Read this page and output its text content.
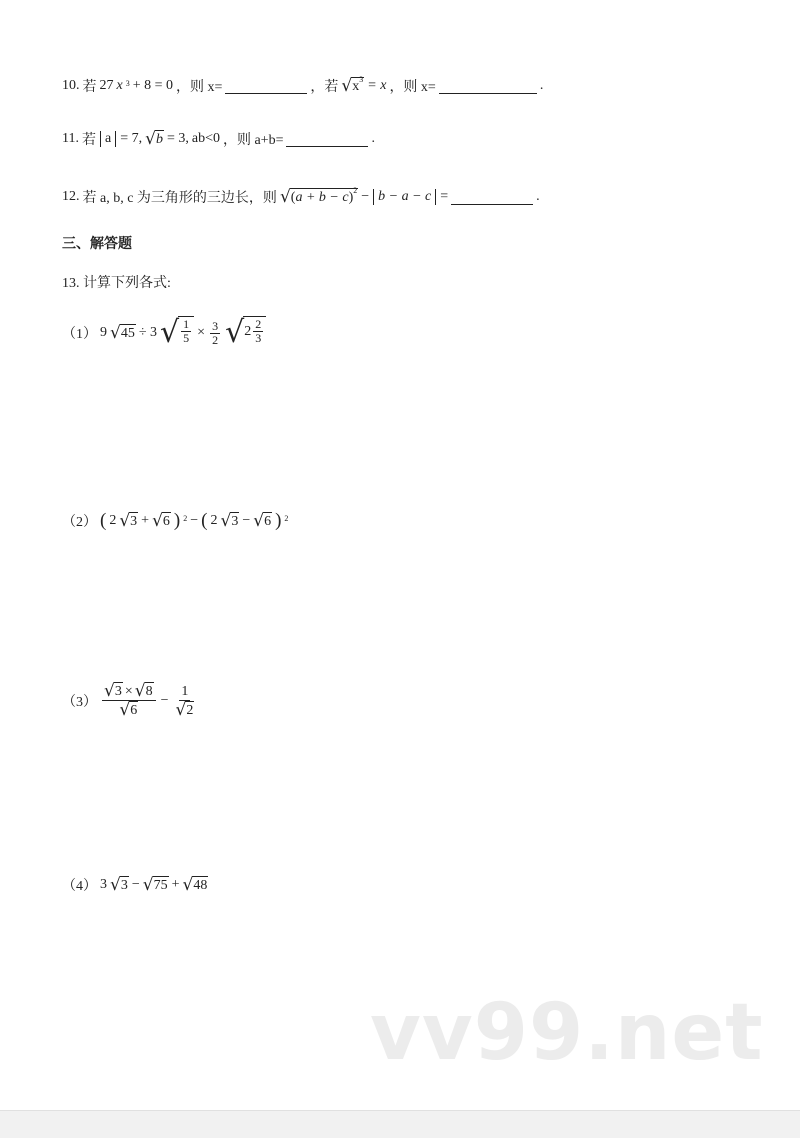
10. 若 27 x $^3$ + 8 = 0 ，则 x=	，若 √ $x^3 = x$ ，则 x=	.
11. 若 a = 7, √ b = 3, ab<0 ，则 a+b=	.
12. 若 a, b, c 为三角形的三边长，则 √ $(a + b - c)^2 - b - a - c$ =	.
三、解答题
13. 计算下列各式:
（1） 9 √ 45 ÷ 3 √ $\frac{1}{5} \times \frac{3}{2}$ √ $2 \frac{2}{3}$
（2） ( 2 √ 3 + √ 6 ) $^2$ − ( 2 √ 3 − √ 6 ) $^2$
$(3) \frac{√ 3 \times √ 8}{√ 6} - \frac{1}{√ 2}$
（4） 3 √ 3 − √ 75 + √ 48
vv99.net
